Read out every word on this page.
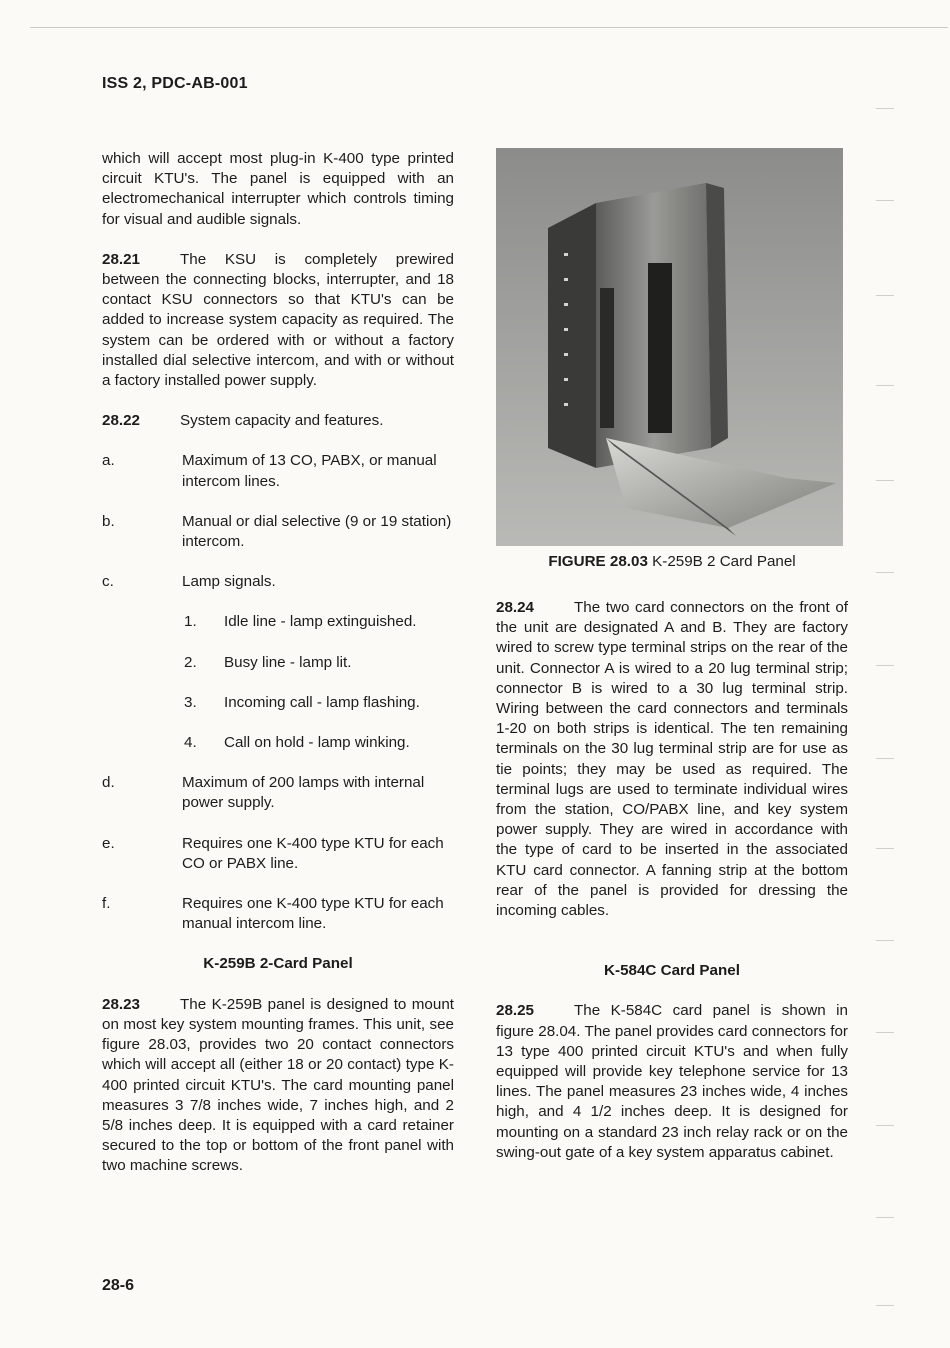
ISS 2, PDC-AB-001

which will accept most plug-in K-400 type printed circuit KTU's. The panel is equipped with an electromechanical interrupter which controls timing for visual and audible signals.

28.21	The KSU is completely prewired between the connecting blocks, interrupter, and 18 contact KSU connectors so that KTU's can be added to increase system capacity as required. The system can be ordered with or without a factory installed dial selective intercom, and with or without a factory installed power supply.

28.22	System capacity and features.

a.	Maximum of 13 CO, PABX, or manual intercom lines.
b.	Manual or dial selective (9 or 19 station) intercom.
c.	Lamp signals.
1. Idle line - lamp extinguished.
2. Busy line - lamp lit.
3. Incoming call - lamp flashing.
4. Call on hold - lamp winking.
d.	Maximum of 200 lamps with internal power supply.
e.	Requires one K-400 type KTU for each CO or PABX line.
f.	Requires one K-400 type KTU for each manual intercom line.

K-259B 2-Card Panel

28.23	The K-259B panel is designed to mount on most key system mounting frames. This unit, see figure 28.03, provides two 20 contact connectors which will accept all (either 18 or 20 contact) type K-400 printed circuit KTU's. The card mounting panel measures 3 7/8 inches wide, 7 inches high, and 2 5/8 inches deep. It is equipped with a card retainer secured to the top or bottom of the front panel with two machine screws.

FIGURE 28.03 K-259B 2 Card Panel

28.24	The two card connectors on the front of the unit are designated A and B. They are factory wired to screw type terminal strips on the rear of the unit. Connector A is wired to a 20 lug terminal strip; connector B is wired to a 30 lug terminal strip. Wiring between the card connectors and terminals 1-20 on both strips is identical. The ten remaining terminals on the 30 lug terminal strip are for use as tie points; they may be used as required. The terminal lugs are used to terminate individual wires from the station, CO/PABX line, and key system power supply. They are wired in accordance with the type of card to be inserted in the associated KTU card connector. A fanning strip at the bottom rear of the panel is provided for dressing the incoming cables.

K-584C Card Panel

28.25	The K-584C card panel is shown in figure 28.04. The panel provides card connectors for 13 type 400 printed circuit KTU's and when fully equipped will provide key telephone service for 13 lines. The panel measures 23 inches wide, 4 inches high, and 4 1/2 inches deep. It is designed for mounting on a standard 23 inch relay rack or on the swing-out gate of a key system apparatus cabinet.

28-6
